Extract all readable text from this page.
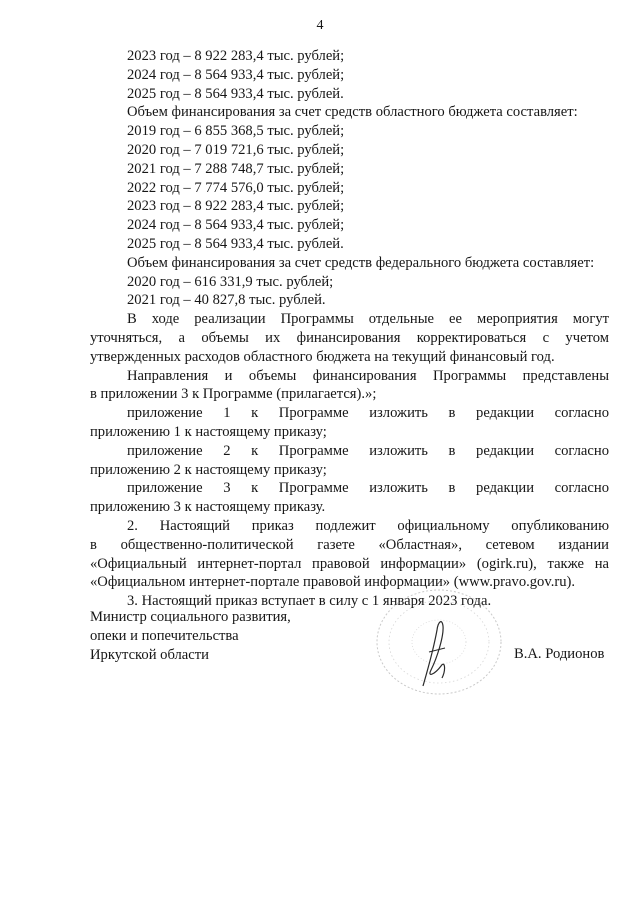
4
2023 год – 8 922 283,4 тыс. рублей;
2024 год – 8 564 933,4 тыс. рублей;
2025 год – 8 564 933,4 тыс. рублей.
Объем финансирования за счет средств областного бюджета составляет:
2019 год – 6 855 368,5 тыс. рублей;
2020 год – 7 019 721,6 тыс. рублей;
2021 год – 7 288 748,7 тыс. рублей;
2022 год – 7 774 576,0 тыс. рублей;
2023 год – 8 922 283,4 тыс. рублей;
2024 год – 8 564 933,4 тыс. рублей;
2025 год – 8 564 933,4 тыс. рублей.
Объем финансирования за счет средств федерального бюджета составляет:
2020 год – 616 331,9 тыс. рублей;
2021 год – 40 827,8 тыс. рублей.

В ходе реализации Программы отдельные ее мероприятия могут

уточняться, а объемы их финансирования корректироваться с учетом

утвержденных расходов областного бюджета на текущий финансовый год.

Направления и объемы финансирования Программы представлены

в приложении 3 к Программе (прилагается).»;

приложение 1 к Программе изложить в редакции согласно

приложению 1 к настоящему приказу;

приложение 2 к Программе изложить в редакции согласно

приложению 2 к настоящему приказу;

приложение 3 к Программе изложить в редакции согласно

приложению 3 к настоящему приказу.

2. Настоящий приказ подлежит официальному опубликованию

в общественно-политической газете «Областная», сетевом издании

«Официальный интернет-портал правовой информации» (ogirk.ru), также на

«Официальном интернет-портале правовой информации» (www.pravo.gov.ru).

3. Настоящий приказ вступает в силу с 1 января 2023 года.
Министр социального развития,
опеки и попечительства
Иркутской области	В.А. Родионов
